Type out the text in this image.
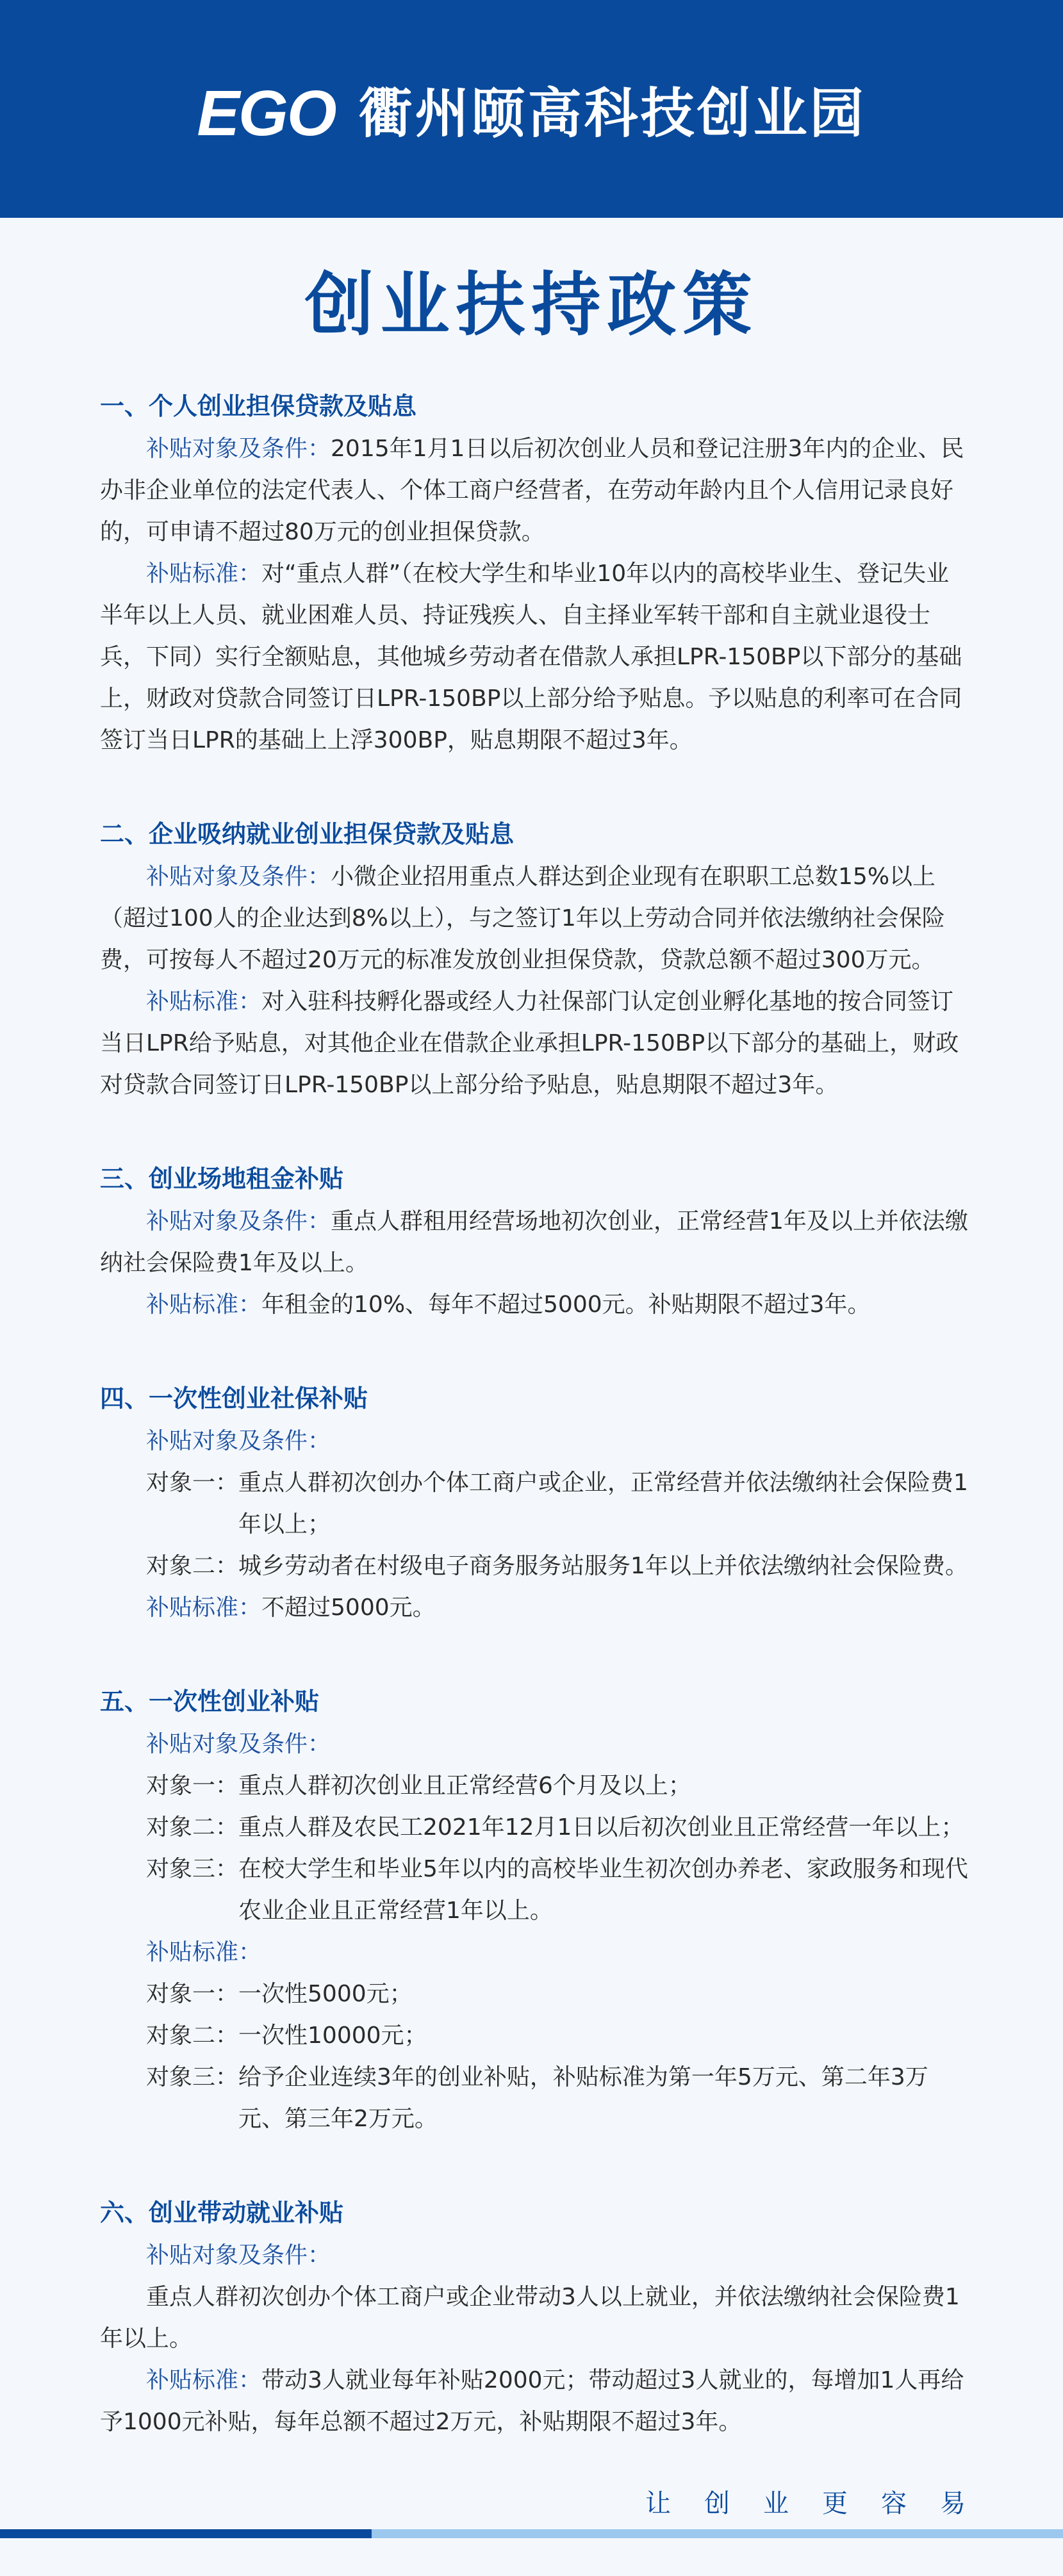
EGO 衢州颐高科技创业园
创业扶持政策
一、个人创业担保贷款及贴息
补贴对象及条件：2015年1月1日以后初次创业人员和登记注册3年内的企业、民办非企业单位的法定代表人、个体工商户经营者，在劳动年龄内且个人信用记录良好的，可申请不超过80万元的创业担保贷款。
补贴标准：对“重点人群”（在校大学生和毕业10年以内的高校毕业生、登记失业半年以上人员、就业困难人员、持证残疾人、自主择业军转干部和自主就业退役士兵，下同）实行全额贴息，其他城乡劳动者在借款人承担LPR-150BP以下部分的基础上，财政对贷款合同签订日LPR-150BP以上部分给予贴息。予以贴息的利率可在合同签订当日LPR的基础上上浮300BP，贴息期限不超过3年。
二、企业吸纳就业创业担保贷款及贴息
补贴对象及条件：小微企业招用重点人群达到企业现有在职职工总数15%以上（超过100人的企业达到8%以上），与之签订1年以上劳动合同并依法缴纳社会保险费，可按每人不超过20万元的标准发放创业担保贷款，贷款总额不超过300万元。
补贴标准：对入驻科技孵化器或经人力社保部门认定创业孵化基地的按合同签订当日LPR给予贴息，对其他企业在借款企业承担LPR-150BP以下部分的基础上，财政对贷款合同签订日LPR-150BP以上部分给予贴息，贴息期限不超过3年。
三、创业场地租金补贴
补贴对象及条件：重点人群租用经营场地初次创业，正常经营1年及以上并依法缴纳社会保险费1年及以上。
补贴标准：年租金的10%、每年不超过5000元。补贴期限不超过3年。
四、一次性创业社保补贴
补贴对象及条件：
对象一： 重点人群初次创办个体工商户或企业，正常经营并依法缴纳社会保险费1年以上；
对象二： 城乡劳动者在村级电子商务服务站服务1年以上并依法缴纳社会保险费。
补贴标准：不超过5000元。
五、一次性创业补贴
补贴对象及条件：
对象一： 重点人群初次创业且正常经营6个月及以上；
对象二： 重点人群及农民工2021年12月1日以后初次创业且正常经营一年以上；
对象三： 在校大学生和毕业5年以内的高校毕业生初次创办养老、家政服务和现代农业企业且正常经营1年以上。
补贴标准：
对象一： 一次性5000元；
对象二： 一次性10000元；
对象三： 给予企业连续3年的创业补贴，补贴标准为第一年5万元、第二年3万元、第三年2万元。
六、创业带动就业补贴
补贴对象及条件：
重点人群初次创办个体工商户或企业带动3人以上就业，并依法缴纳社会保险费1年以上。
补贴标准：带动3人就业每年补贴2000元；带动超过3人就业的，每增加1人再给予1000元补贴，每年总额不超过2万元，补贴期限不超过3年。
让创业更容易
